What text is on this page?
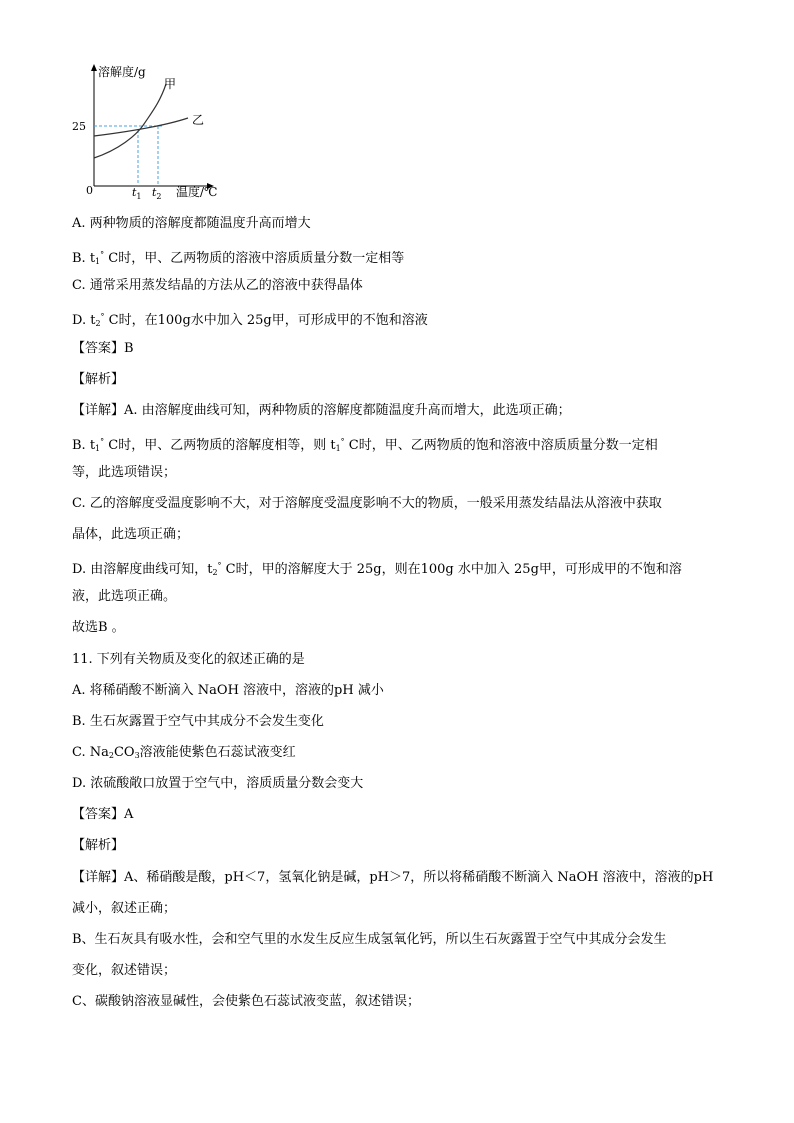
溶解度/g
温度/℃
0
25
$t_1$ $t_2$
甲
乙
A. 两种物质的溶解度都随温度升高而增大
B. $t_1^\circ$ C时，甲、乙两物质的溶液中溶质质量分数一定相等
C. 通常采用蒸发结晶的方法从乙的溶液中获得晶体
D. $t_2^\circ$ C时，在100g水中加入 25g甲，可形成甲的不饱和溶液
【答案】B
【解析】
【详解】A. 由溶解度曲线可知，两种物质的溶解度都随温度升高而增大，此选项正确；
B. $t_1^\circ$ C时，甲、乙两物质的溶解度相等，则 $t_1^\circ$ C时，甲、乙两物质的饱和溶液中溶质质量分数一定相
等，此选项错误；
C. 乙的溶解度受温度影响不大，对于溶解度受温度影响不大的物质，一般采用蒸发结晶法从溶液中获取
晶体，此选项正确；
D. 由溶解度曲线可知，$t_2^\circ$ C时，甲的溶解度大于 25g，则在100g 水中加入 25g甲，可形成甲的不饱和溶
液，此选项正确。
故选B 。
11. 下列有关物质及变化的叙述正确的是
A. 将稀硝酸不断滴入 NaOH 溶液中，溶液的pH 减小
B. 生石灰露置于空气中其成分不会发生变化
C. $Na_2CO_3$溶液能使紫色石蕊试液变红
D. 浓硫酸敞口放置于空气中，溶质质量分数会变大
【答案】A
【解析】
【详解】A、稀硝酸是酸，pH＜7，氢氧化钠是碱，pH＞7，所以将稀硝酸不断滴入 NaOH 溶液中，溶液的pH
减小，叙述正确；
B、生石灰具有吸水性，会和空气里的水发生反应生成氢氧化钙，所以生石灰露置于空气中其成分会发生
变化，叙述错误；
C、碳酸钠溶液显碱性，会使紫色石蕊试液变蓝，叙述错误；
